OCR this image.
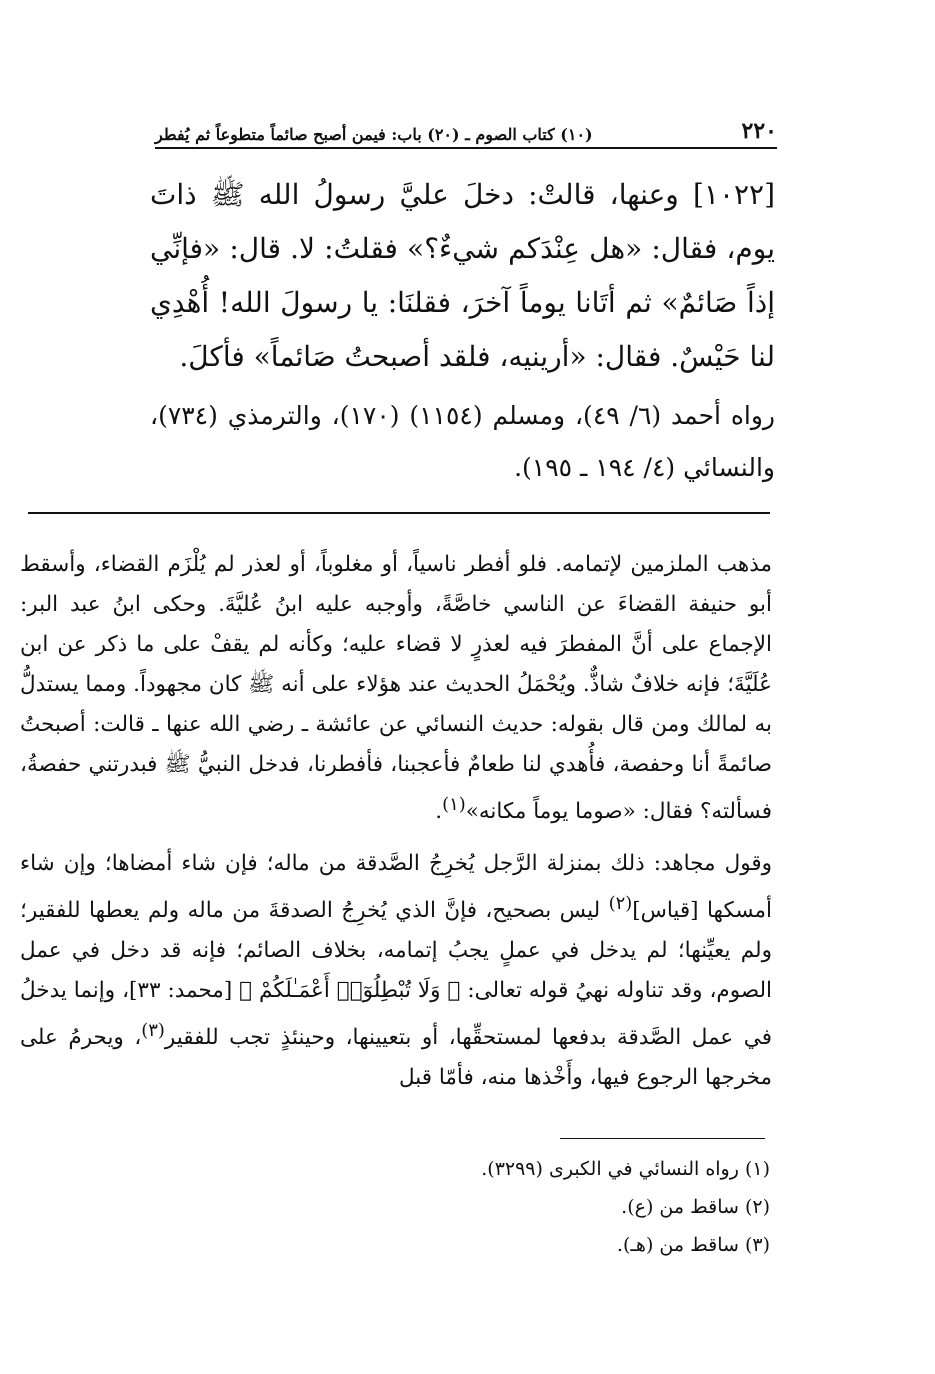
٢٢٠
(١٠) كتاب الصوم ـ (٢٠) باب: فيمن أصبح صائماً متطوعاً ثم يُفطر

[١٠٢٢] وعنها، قالتْ: دخلَ عليَّ رسولُ الله ﷺ ذاتَ يوم، فقال: «هل عِنْدَكم شيءٌ؟» فقلتُ: لا. قال: «فإنِّي إذاً صَائمٌ» ثم أتَانا يوماً آخرَ، فقلنَا: يا رسولَ الله! أُهْدِي لنا حَيْسٌ. فقال: «أرينيه، فلقد أصبحتُ صَائماً» فأكلَ.

رواه أحمد (٦/ ٤٩)، ومسلم (١١٥٤) (١٧٠)، والترمذي (٧٣٤)، والنسائي (٤/ ١٩٤ ـ ١٩٥).

مذهب الملزمين لإتمامه. فلو أفطر ناسياً، أو مغلوباً، أو لعذر لم يُلْزَم القضاء، وأسقط أبو حنيفة القضاءَ عن الناسي خاصَّةً، وأوجبه عليه ابنُ عُليَّةَ. وحكى ابنُ عبد البر: الإجماع على أنَّ المفطرَ فيه لعذرٍ لا قضاء عليه؛ وكأنه لم يقفْ على ما ذكر عن ابن عُلَيَّةَ؛ فإنه خلافٌ شاذٌّ. ويُحْمَلُ الحديث عند هؤلاء على أنه ﷺ كان مجهوداً. ومما يستدلُّ به لمالك ومن قال بقوله: حديث النسائي عن عائشة ـ رضي الله عنها ـ قالت: أصبحتُ صائمةً أنا وحفصة، فأُهدي لنا طعامٌ فأعجبنا، فأفطرنا، فدخل النبيُّ ﷺ فبدرتني حفصةُ، فسألته؟ فقال: «صوما يوماً مكانه»$^{(١)}$.

وقول مجاهد: ذلك بمنزلة الرَّجل يُخرِجُ الصَّدقة من ماله؛ فإن شاء أمضاها؛ وإن شاء أمسكها [قياس]$^{(٢)}$ ليس بصحيح، فإنَّ الذي يُخرِجُ الصدقةَ من ماله ولم يعطها للفقير؛ ولم يعيِّنها؛ لم يدخل في عملٍ يجبُ إتمامه، بخلاف الصائم؛ فإنه قد دخل في عمل الصوم، وقد تناوله نهيُ قوله تعالى: ﴿ وَلَا تُبْطِلُوٓا۟ أَعْمَـٰلَكُمْ ﴾ [محمد: ٣٣]، وإنما يدخلُ في عمل الصَّدقة بدفعها لمستحقِّها، أو بتعيينها، وحينئذٍ تجب للفقير$^{(٣)}$، ويحرمُ على مخرجها الرجوع فيها، وأَخْذها منه، فأمّا قبل

(١) رواه النسائي في الكبرى (٣٢٩٩).
(٢) ساقط من (ع).
(٣) ساقط من (هـ).
